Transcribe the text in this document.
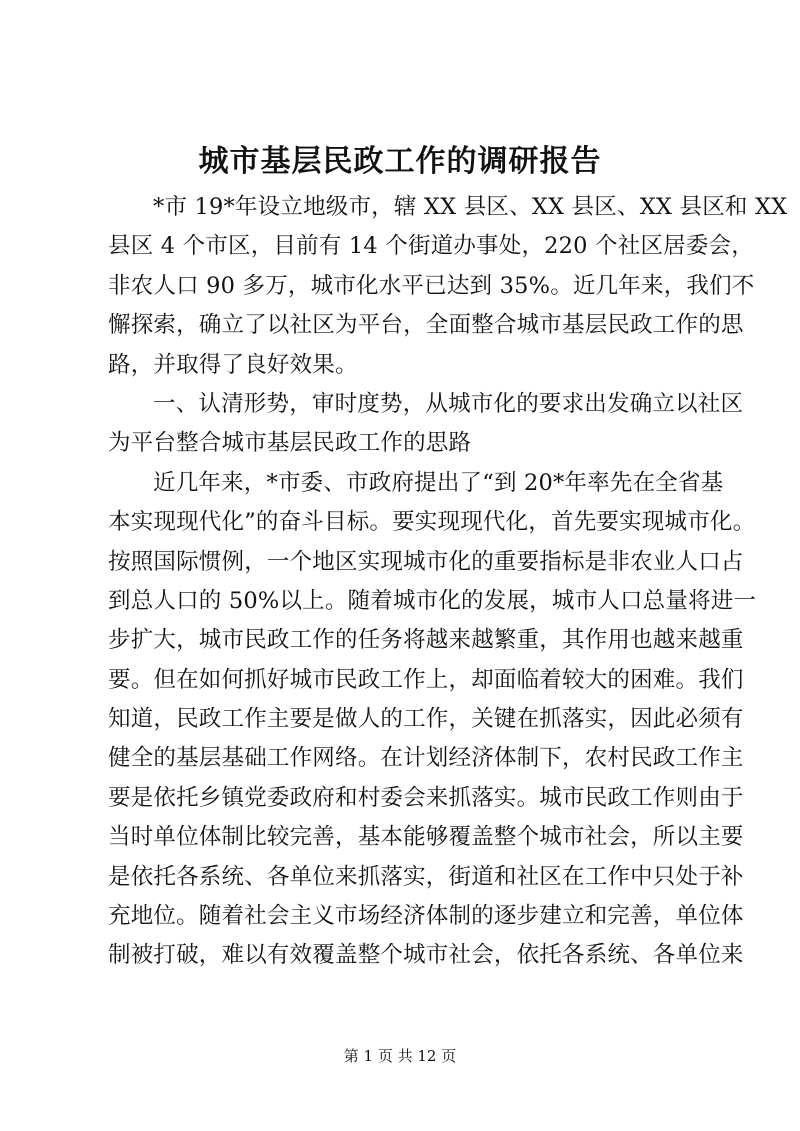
城市基层民政工作的调研报告
*市 19*年设立地级市，辖 XX 县区、XX 县区、XX 县区和 XX
县区 4 个市区，目前有 14 个街道办事处，220 个社区居委会，
非农人口 90 多万，城市化水平已达到 35%。近几年来，我们不
懈探索，确立了以社区为平台，全面整合城市基层民政工作的思
路，并取得了良好效果。
一、认清形势，审时度势，从城市化的要求出发确立以社区
为平台整合城市基层民政工作的思路
近几年来，*市委、市政府提出了“到 20*年率先在全省基
本实现现代化”的奋斗目标。要实现现代化，首先要实现城市化。
按照国际惯例，一个地区实现城市化的重要指标是非农业人口占
到总人口的 50%以上。随着城市化的发展，城市人口总量将进一
步扩大，城市民政工作的任务将越来越繁重，其作用也越来越重
要。但在如何抓好城市民政工作上，却面临着较大的困难。我们
知道，民政工作主要是做人的工作，关键在抓落实，因此必须有
健全的基层基础工作网络。在计划经济体制下，农村民政工作主
要是依托乡镇党委政府和村委会来抓落实。城市民政工作则由于
当时单位体制比较完善，基本能够覆盖整个城市社会，所以主要
是依托各系统、各单位来抓落实，街道和社区在工作中只处于补
充地位。随着社会主义市场经济体制的逐步建立和完善，单位体
制被打破，难以有效覆盖整个城市社会，依托各系统、各单位来
第 1 页 共 12 页
